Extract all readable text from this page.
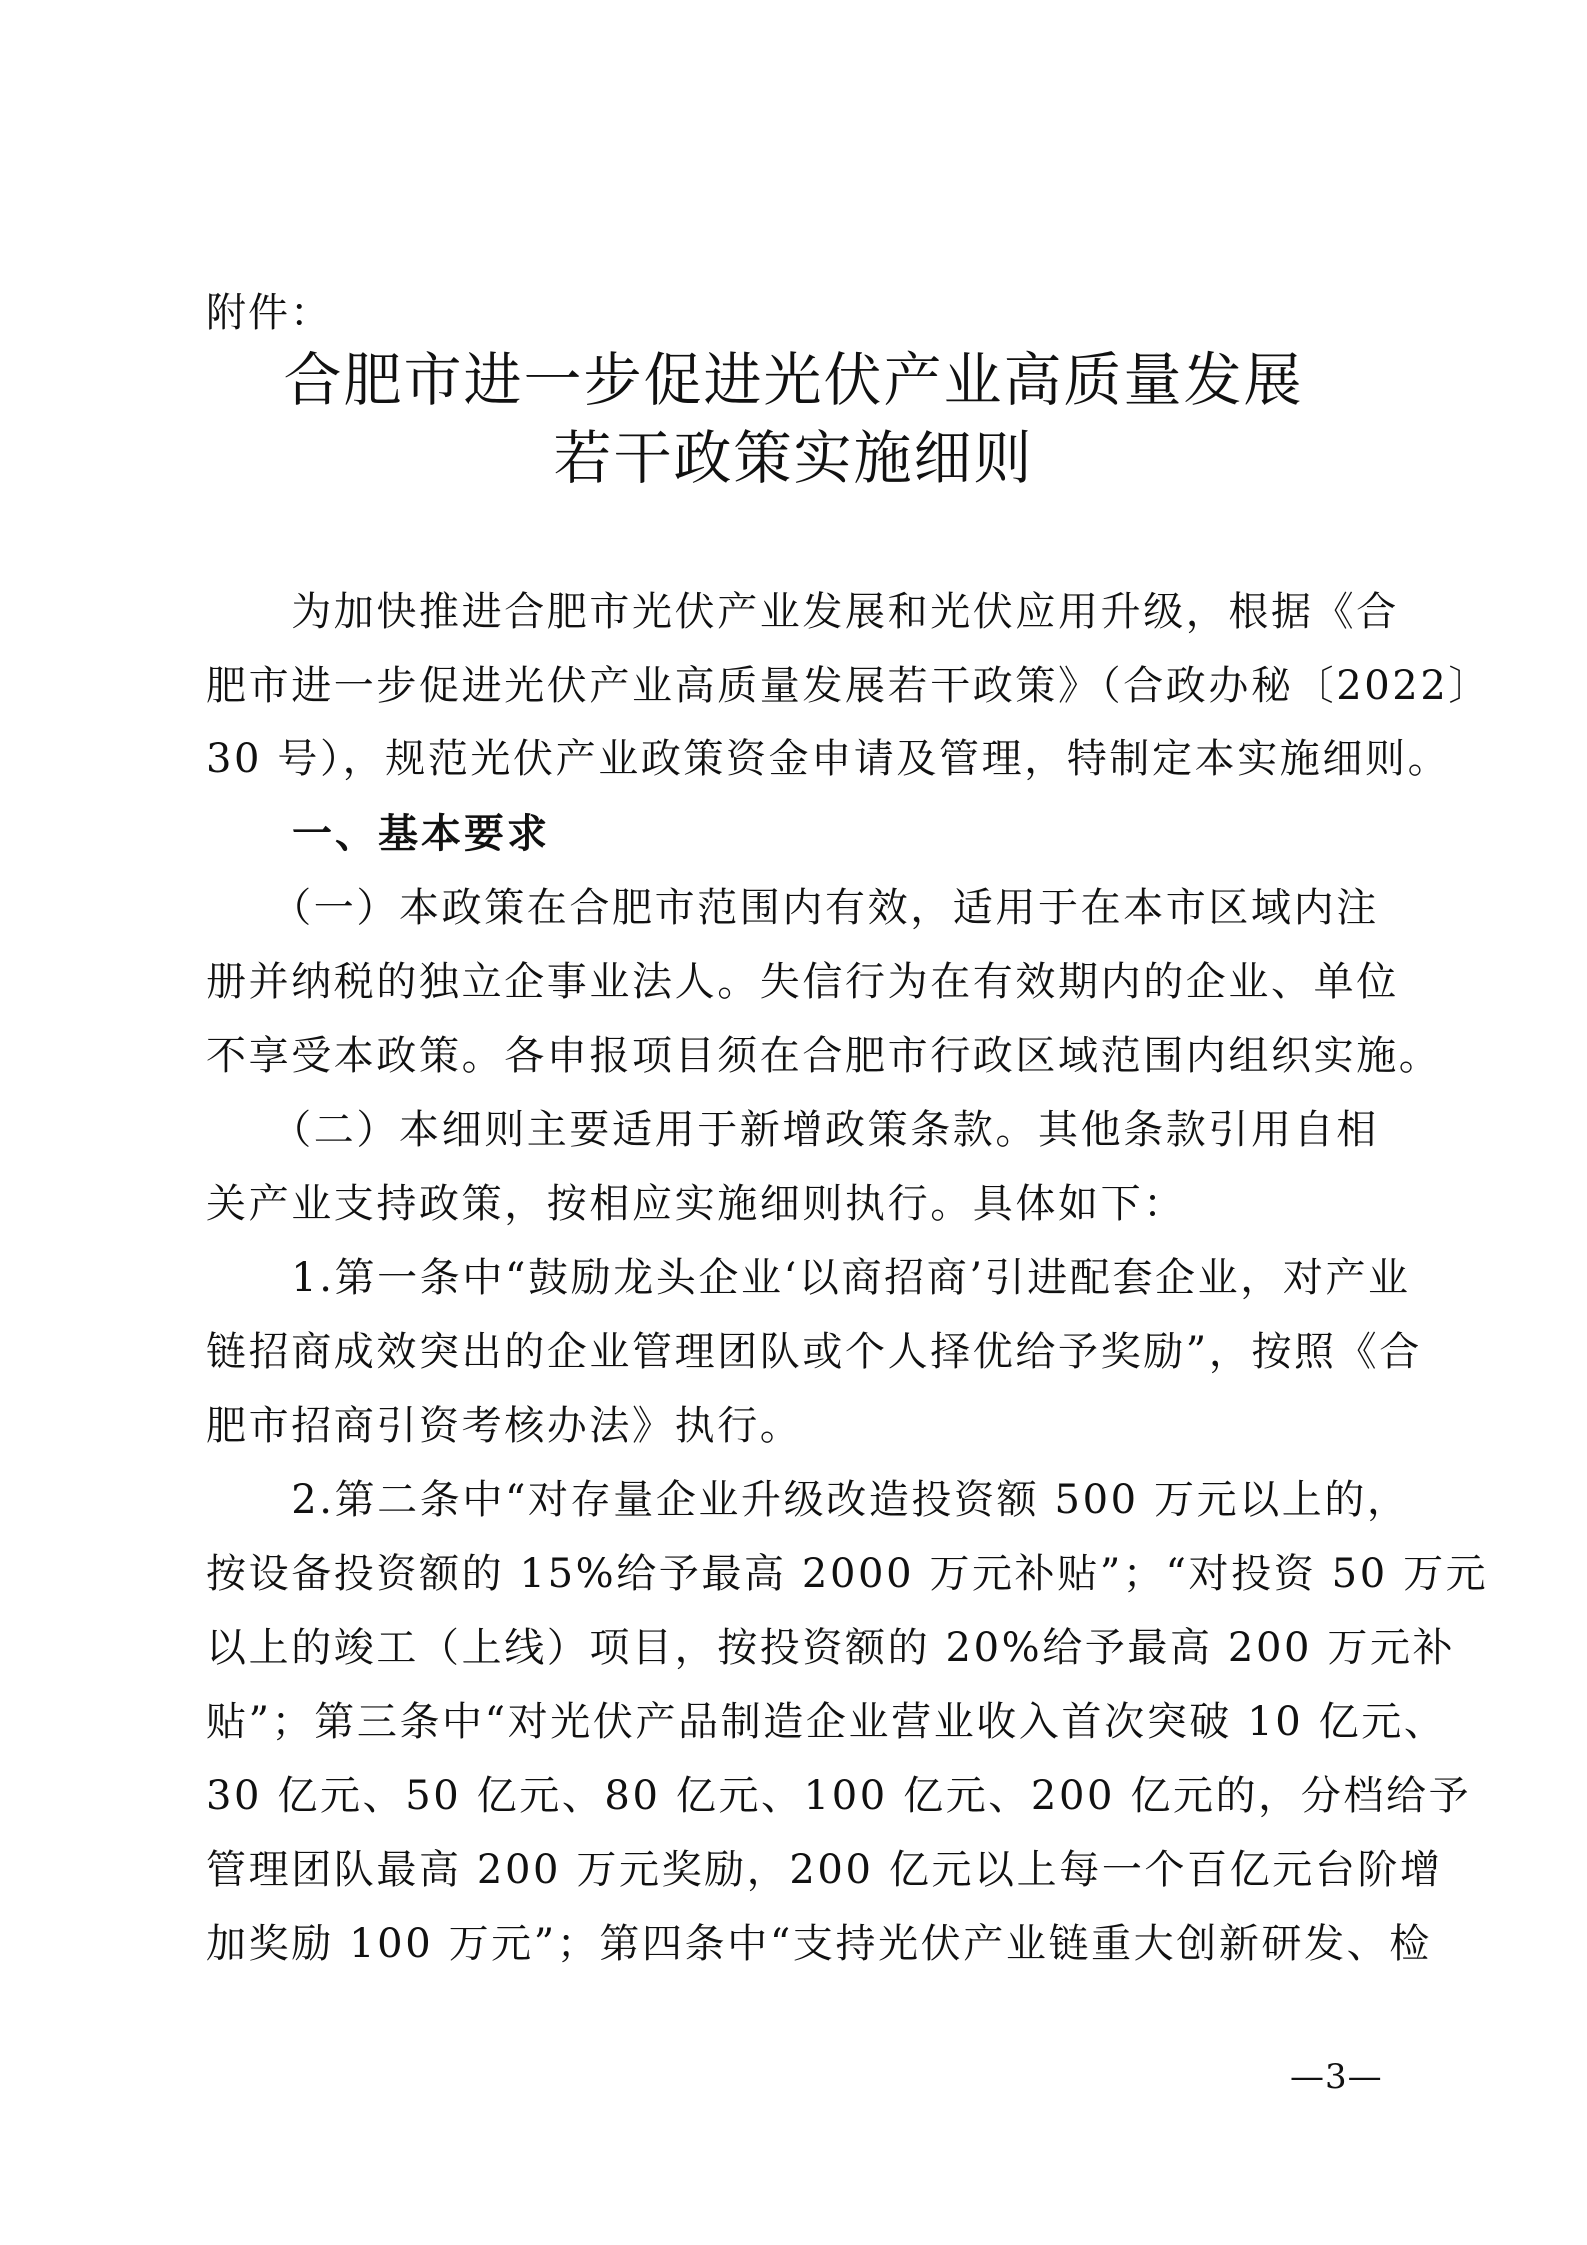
附件：
合肥市进一步促进光伏产业高质量发展
若干政策实施细则
　　为加快推进合肥市光伏产业发展和光伏应用升级，根据《合
肥市进一步促进光伏产业高质量发展若干政策》（合政办秘〔2022〕
30 号），规范光伏产业政策资金申请及管理，特制定本实施细则。
一、基本要求
　　（一）本政策在合肥市范围内有效，适用于在本市区域内注
册并纳税的独立企事业法人。失信行为在有效期内的企业、单位
不享受本政策。各申报项目须在合肥市行政区域范围内组织实施。
　　（二）本细则主要适用于新增政策条款。其他条款引用自相
关产业支持政策，按相应实施细则执行。具体如下：
　　1.第一条中“鼓励龙头企业‘以商招商’引进配套企业，对产业
链招商成效突出的企业管理团队或个人择优给予奖励”，按照《合
肥市招商引资考核办法》执行。
　　2.第二条中“对存量企业升级改造投资额 500 万元以上的，
按设备投资额的 15%给予最高 2000 万元补贴”；“对投资 50 万元
以上的竣工（上线）项目，按投资额的 20%给予最高 200 万元补
贴”；第三条中“对光伏产品制造企业营业收入首次突破 10 亿元、
30 亿元、50 亿元、80 亿元、100 亿元、200 亿元的，分档给予
管理团队最高 200 万元奖励，200 亿元以上每一个百亿元台阶增
加奖励 100 万元”；第四条中“支持光伏产业链重大创新研发、检
—3—
